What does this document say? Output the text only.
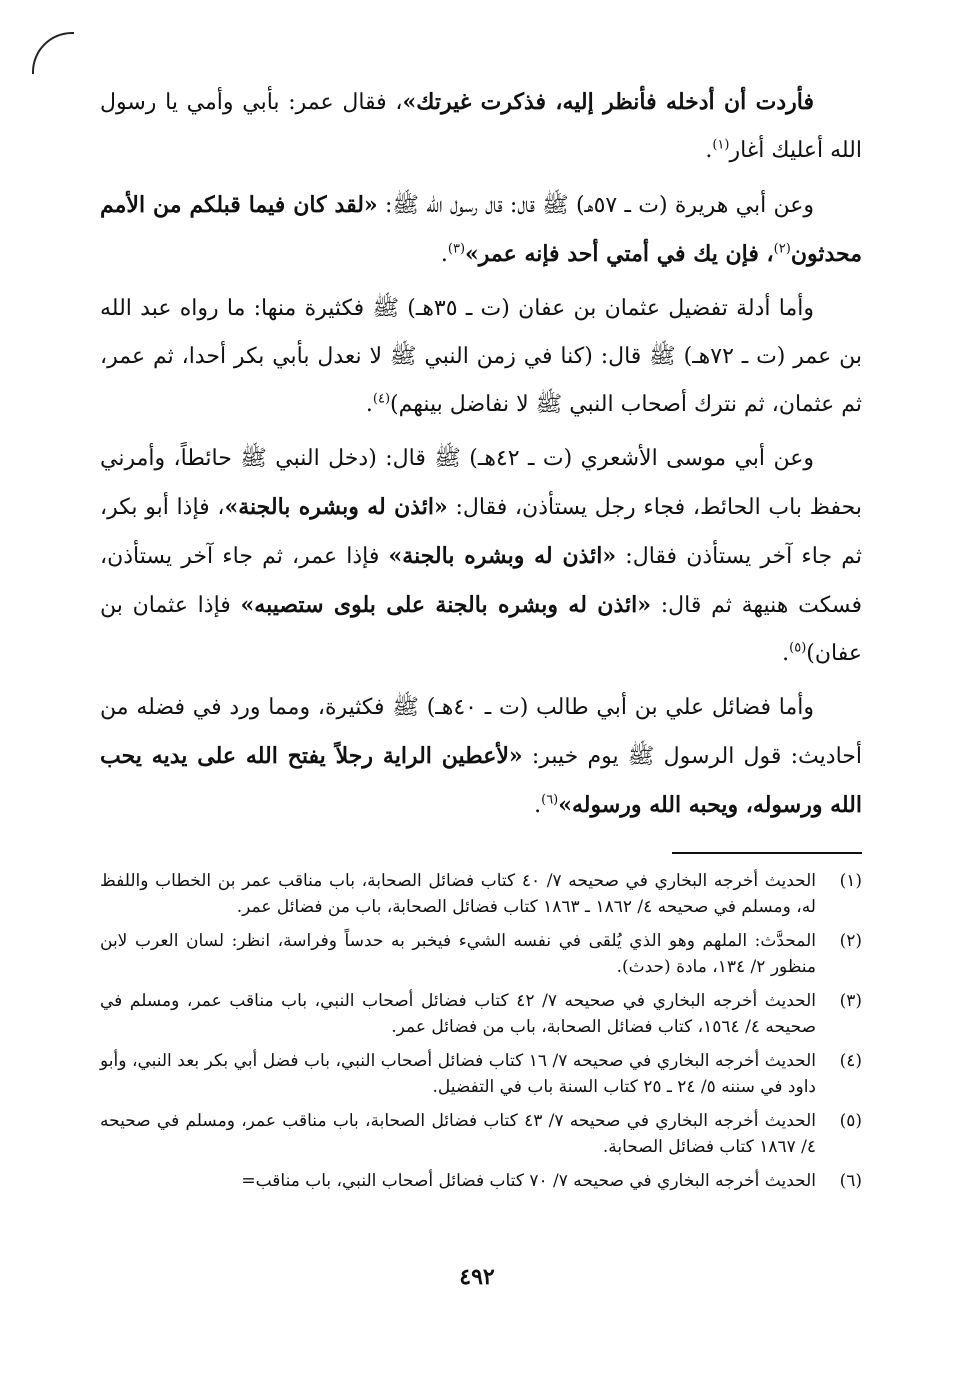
فأردت أن أدخله فأنظر إليه، فذكرت غيرتك»، فقال عمر: بأبي وأمي يا رسول الله أعليك أغار$^{(١)}$.

وعن أبي هريرة (ت ـ ٥٧هـ) ﷺ قال: قال رسول الله ﷺ: «لقد كان فيما قبلكم من الأمم محدثون$^{(٢)}$، فإن يك في أمتي أحد فإنه عمر»$^{(٣)}$.

وأما أدلة تفضيل عثمان بن عفان (ت ـ ٣٥هـ) ﷺ فكثيرة منها: ما رواه عبد الله بن عمر (ت ـ ٧٢هـ) ﷺ قال: (كنا في زمن النبي ﷺ لا نعدل بأبي بكر أحدا، ثم عمر، ثم عثمان، ثم نترك أصحاب النبي ﷺ لا نفاضل بينهم)$^{(٤)}$.

وعن أبي موسى الأشعري (ت ـ ٤٢هـ) ﷺ قال: (دخل النبي ﷺ حائطاً، وأمرني بحفظ باب الحائط، فجاء رجل يستأذن، فقال: «ائذن له وبشره بالجنة»، فإذا أبو بكر، ثم جاء آخر يستأذن فقال: «ائذن له وبشره بالجنة» فإذا عمر، ثم جاء آخر يستأذن، فسكت هنيهة ثم قال: «ائذن له وبشره بالجنة على بلوى ستصيبه» فإذا عثمان بن عفان)$^{(٥)}$.

وأما فضائل علي بن أبي طالب (ت ـ ٤٠هـ) ﷺ فكثيرة، ومما ورد في فضله من أحاديث: قول الرسول ﷺ يوم خيبر: «لأعطين الراية رجلاً يفتح الله على يديه يحب الله ورسوله، ويحبه الله ورسوله»$^{(٦)}$.

(١)
الحديث أخرجه البخاري في صحيحه ٧/ ٤٠ كتاب فضائل الصحابة، باب مناقب عمر بن الخطاب واللفظ له، ومسلم في صحيحه ٤/ ١٨٦٢ ـ ١٨٦٣ كتاب فضائل الصحابة، باب من فضائل عمر.
(٢)
المحدَّث: الملهم وهو الذي يُلقى في نفسه الشيء فيخبر به حدساً وفراسة، انظر: لسان العرب لابن منظور ٢/ ١٣٤، مادة (حدث).
(٣)
الحديث أخرجه البخاري في صحيحه ٧/ ٤٢ كتاب فضائل أصحاب النبي، باب مناقب عمر، ومسلم في صحيحه ٤/ ١٥٦٤، كتاب فضائل الصحابة، باب من فضائل عمر.
(٤)
الحديث أخرجه البخاري في صحيحه ٧/ ١٦ كتاب فضائل أصحاب النبي، باب فضل أبي بكر بعد النبي، وأبو داود في سننه ٥/ ٢٤ ـ ٢٥ كتاب السنة باب في التفضيل.
(٥)
الحديث أخرجه البخاري في صحيحه ٧/ ٤٣ كتاب فضائل الصحابة، باب مناقب عمر، ومسلم في صحيحه ٤/ ١٨٦٧ كتاب فضائل الصحابة.
(٦)
الحديث أخرجه البخاري في صحيحه ٧/ ٧٠ كتاب فضائل أصحاب النبي، باب مناقب=
٤٩٢
